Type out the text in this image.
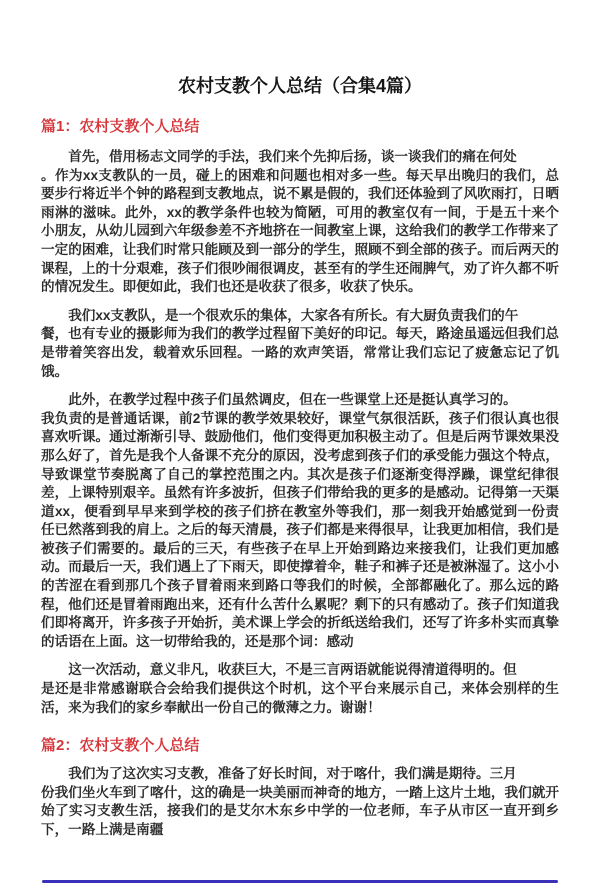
农村支教个人总结（合集4篇）
篇1：农村支教个人总结

首先，借用杨志文同学的手法，我们来个先抑后扬，谈一谈我们的痛在何处
。作为xx支教队的一员，碰上的困难和问题也相对多一些。每天早出晚归的我们，总要步行将近半个钟的路程到支教地点，说不累是假的，我们还体验到了风吹雨打，日晒雨淋的滋味。此外，xx的教学条件也较为简陋，可用的教室仅有一间，于是五十来个小朋友，从幼儿园到六年级参差不齐地挤在一间教室上课，这给我们的教学工作带来了一定的困难，让我们时常只能顾及到一部分的学生，照顾不到全部的孩子。而后两天的课程，上的十分艰难，孩子们很吵闹很调皮，甚至有的学生还闹脾气，劝了许久都不听的情况发生。即便如此，我们也还是收获了很多，收获了快乐。

我们xx支教队，是一个很欢乐的集体，大家各有所长。有大厨负责我们的午
餐，也有专业的摄影师为我们的教学过程留下美好的印记。每天，路途虽遥远但我们总是带着笑容出发，载着欢乐回程。一路的欢声笑语，常常让我们忘记了疲惫忘记了饥饿。

此外，在教学过程中孩子们虽然调皮，但在一些课堂上还是挺认真学习的。
我负责的是普通话课，前2节课的教学效果较好，课堂气氛很活跃，孩子们很认真也很喜欢听课。通过渐渐引导、鼓励他们，他们变得更加积极主动了。但是后两节课效果没那么好了，首先是我个人备课不充分的原因，没考虑到孩子们的承受能力强这个特点，导致课堂节奏脱离了自己的掌控范围之内。其次是孩子们逐渐变得浮躁，课堂纪律很差，上课特别艰辛。虽然有许多波折，但孩子们带给我的更多的是感动。记得第一天渠道xx，便看到早早来到学校的孩子们挤在教室外等我们，那一刻我开始感觉到一份责任已然落到我的肩上。之后的每天清晨，孩子们都是来得很早，让我更加相信，我们是被孩子们需要的。最后的三天，有些孩子在早上开始到路边来接我们，让我们更加感动。而最后一天，我们遇上了下雨天，即使撑着伞，鞋子和裤子还是被淋湿了。这小小的苦涩在看到那几个孩子冒着雨来到路口等我们的时候，全部都融化了。那么远的路程，他们还是冒着雨跑出来，还有什么苦什么累呢？剩下的只有感动了。孩子们知道我们即将离开，许多孩子开始折，美术课上学会的折纸送给我们，还写了许多朴实而真挚的话语在上面。这一切带给我的，还是那个词：感动

这一次活动，意义非凡，收获巨大，不是三言两语就能说得清道得明的。但
是还是非常感谢联合会给我们提供这个时机，这个平台来展示自己，来体会别样的生活，来为我们的家乡奉献出一份自己的微薄之力。谢谢！

篇2：农村支教个人总结

我们为了这次实习支教，准备了好长时间，对于喀什，我们满是期待。三月
份我们坐火车到了喀什，这的确是一块美丽而神奇的地方，一踏上这片土地，我们就开始了实习支教生活，接我们的是艾尔木东乡中学的一位老师，车子从市区一直开到乡下，一路上满是南疆
